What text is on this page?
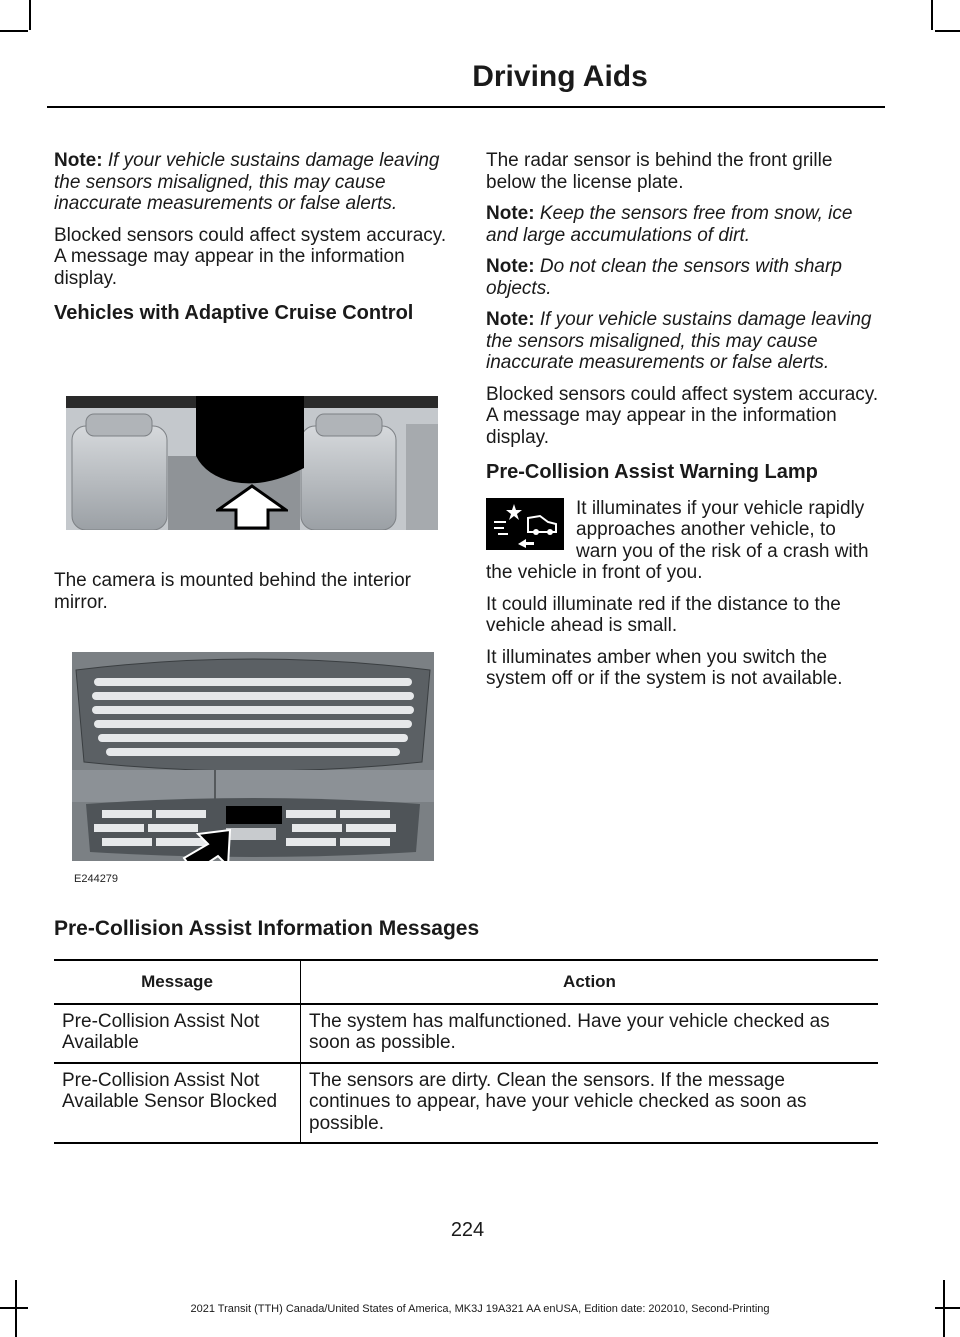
Driving Aids

Note: If your vehicle sustains damage leaving the sensors misaligned, this may cause inaccurate measurements or false alerts.

Blocked sensors could affect system accuracy. A message may appear in the information display.

Vehicles with Adaptive Cruise Control

The camera is mounted behind the interior mirror.

E244279

The radar sensor is behind the front grille below the license plate.

Note: Keep the sensors free from snow, ice and large accumulations of dirt.

Note: Do not clean the sensors with sharp objects.

Note: If your vehicle sustains damage leaving the sensors misaligned, this may cause inaccurate measurements or false alerts.

Blocked sensors could affect system accuracy. A message may appear in the information display.

Pre-Collision Assist Warning Lamp

It illuminates if your vehicle rapidly approaches another vehicle, to warn you of the risk of a crash with the vehicle in front of you.

It could illuminate red if the distance to the vehicle ahead is small.

It illuminates amber when you switch the system off or if the system is not available.

Pre-Collision Assist Information Messages
Message	Action
Pre-Collision Assist Not Available	The system has malfunctioned. Have your vehicle checked as soon as possible.
Pre-Collision Assist Not Available Sensor Blocked	The sensors are dirty. Clean the sensors. If the message continues to appear, have your vehicle checked as soon as possible.
224
2021 Transit (TTH) Canada/United States of America, MK3J 19A321 AA enUSA, Edition date: 202010, Second-Printing
